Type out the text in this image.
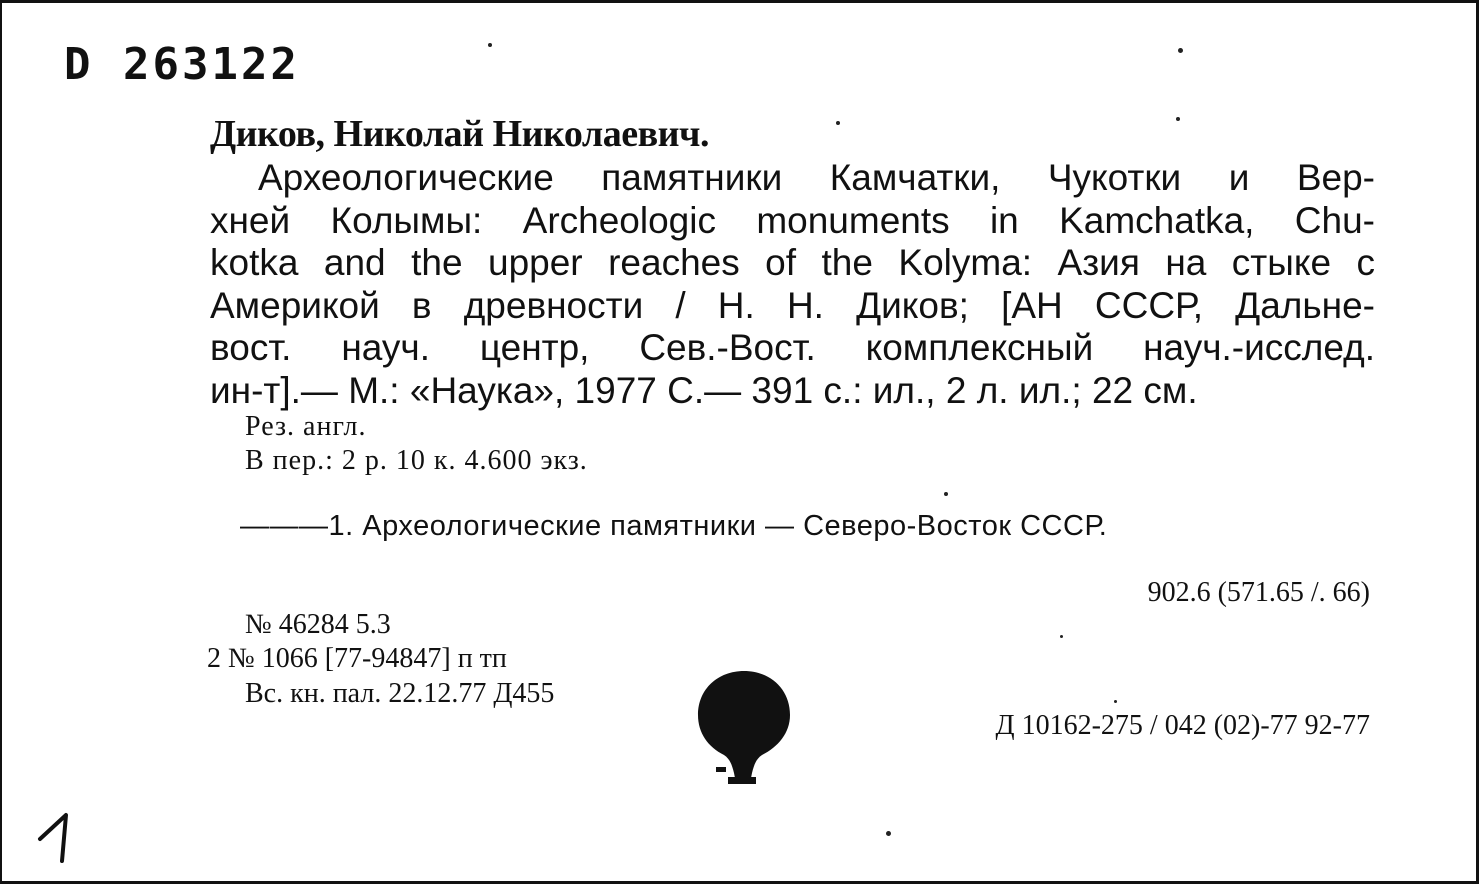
D 263122
Диков, Николай Николаевич.
Археологические памятники Камчатки, Чукотки и Вер-
хней Колымы: Archeologic monuments in Kamchatka, Chu-
kotka and the upper reaches of the Kolyma: Азия на стыке с
Америкой в древности / Н. Н. Диков; [АН СССР, Дальне-
вост. науч. центр, Сев.-Вост. комплексный науч.-исслед.
ин-т].— М.: «Наука», 1977 С.— 391 с.: ил., 2 л. ил.; 22 см.
Рез. англ.
В пер.: 2 р. 10 к. 4.600 экз.
———1. Археологические памятники — Северо-Восток СССР.
902.6 (571.65 /. 66)
№ 46284 5.3
2 № 1066 [77-94847] п тп
Вс. кн. пал. 22.12.77 Д455
Д 10162-275 / 042 (02)-77 92-77
